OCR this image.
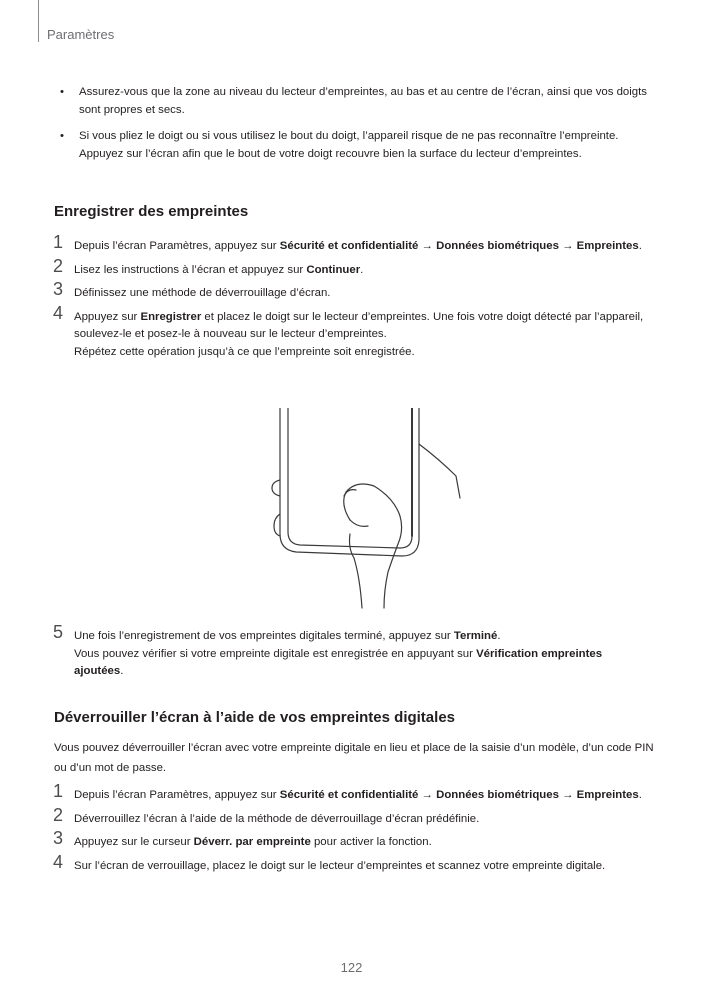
Paramètres
• Assurez-vous que la zone au niveau du lecteur d’empreintes, au bas et au centre de l’écran, ainsi que vos doigts sont propres et secs.
• Si vous pliez le doigt ou si vous utilisez le bout du doigt, l’appareil risque de ne pas reconnaître l’empreinte. Appuyez sur l’écran afin que le bout de votre doigt recouvre bien la surface du lecteur d’empreintes.
Enregistrer des empreintes
1 Depuis l’écran Paramètres, appuyez sur Sécurité et confidentialité → Données biométriques → Empreintes.
2 Lisez les instructions à l’écran et appuyez sur Continuer.
3 Définissez une méthode de déverrouillage d’écran.
4 Appuyez sur Enregistrer et placez le doigt sur le lecteur d’empreintes. Une fois votre doigt détecté par l’appareil, soulevez-le et posez-le à nouveau sur le lecteur d’empreintes.
Répétez cette opération jusqu’à ce que l’empreinte soit enregistrée.
5 Une fois l’enregistrement de vos empreintes digitales terminé, appuyez sur Terminé.
Vous pouvez vérifier si votre empreinte digitale est enregistrée en appuyant sur Vérification empreintes ajoutées.
Déverrouiller l’écran à l’aide de vos empreintes digitales
Vous pouvez déverrouiller l’écran avec votre empreinte digitale en lieu et place de la saisie d’un modèle, d’un code PIN ou d’un mot de passe.
1 Depuis l’écran Paramètres, appuyez sur Sécurité et confidentialité → Données biométriques → Empreintes.
2 Déverrouillez l’écran à l’aide de la méthode de déverrouillage d’écran prédéfinie.
3 Appuyez sur le curseur Déverr. par empreinte pour activer la fonction.
4 Sur l’écran de verrouillage, placez le doigt sur le lecteur d’empreintes et scannez votre empreinte digitale.
122
